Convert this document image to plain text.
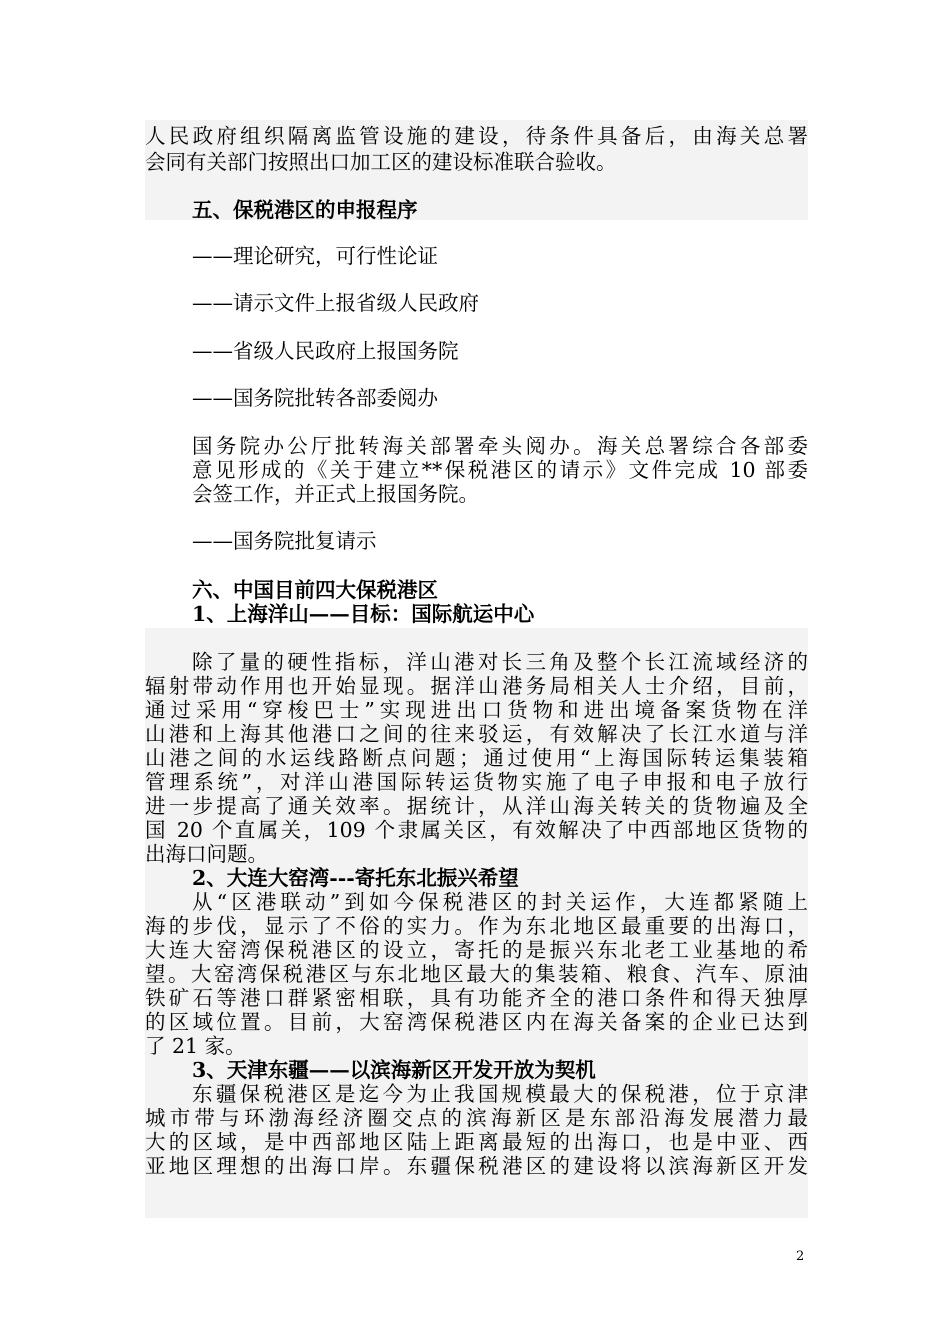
人民政府组织隔离监管设施的建设，待条件具备后，由海关总署
会同有关部门按照出口加工区的建设标准联合验收。
五、保税港区的申报程序
——理论研究，可行性论证
——请示文件上报省级人民政府
——省级人民政府上报国务院
——国务院批转各部委阅办
国务院办公厅批转海关部署牵头阅办。海关总署综合各部委
意见形成的《关于建立**保税港区的请示》文件完成 10 部委
会签工作，并正式上报国务院。
——国务院批复请示
六、中国目前四大保税港区
1、上海洋山——目标：国际航运中心
除了量的硬性指标，洋山港对长三角及整个长江流域经济的
辐射带动作用也开始显现。据洋山港务局相关人士介绍，目前，
通过采用“穿梭巴士”实现进出口货物和进出境备案货物在洋
山港和上海其他港口之间的往来驳运，有效解决了长江水道与洋
山港之间的水运线路断点问题；通过使用“上海国际转运集装箱
管理系统”，对洋山港国际转运货物实施了电子申报和电子放行
进一步提高了通关效率。据统计，从洋山海关转关的货物遍及全
国 20 个直属关，109 个隶属关区，有效解决了中西部地区货物的
出海口问题。
2、大连大窑湾---寄托东北振兴希望
从“区港联动”到如今保税港区的封关运作，大连都紧随上
海的步伐，显示了不俗的实力。作为东北地区最重要的出海口，
大连大窑湾保税港区的设立，寄托的是振兴东北老工业基地的希
望。大窑湾保税港区与东北地区最大的集装箱、粮食、汽车、原油
铁矿石等港口群紧密相联，具有功能齐全的港口条件和得天独厚
的区域位置。目前，大窑湾保税港区内在海关备案的企业已达到
了 21 家。
3、天津东疆——以滨海新区开发开放为契机
东疆保税港区是迄今为止我国规模最大的保税港，位于京津
城市带与环渤海经济圈交点的滨海新区是东部沿海发展潜力最
大的区域，是中西部地区陆上距离最短的出海口，也是中亚、西
亚地区理想的出海口岸。东疆保税港区的建设将以滨海新区开发
2
